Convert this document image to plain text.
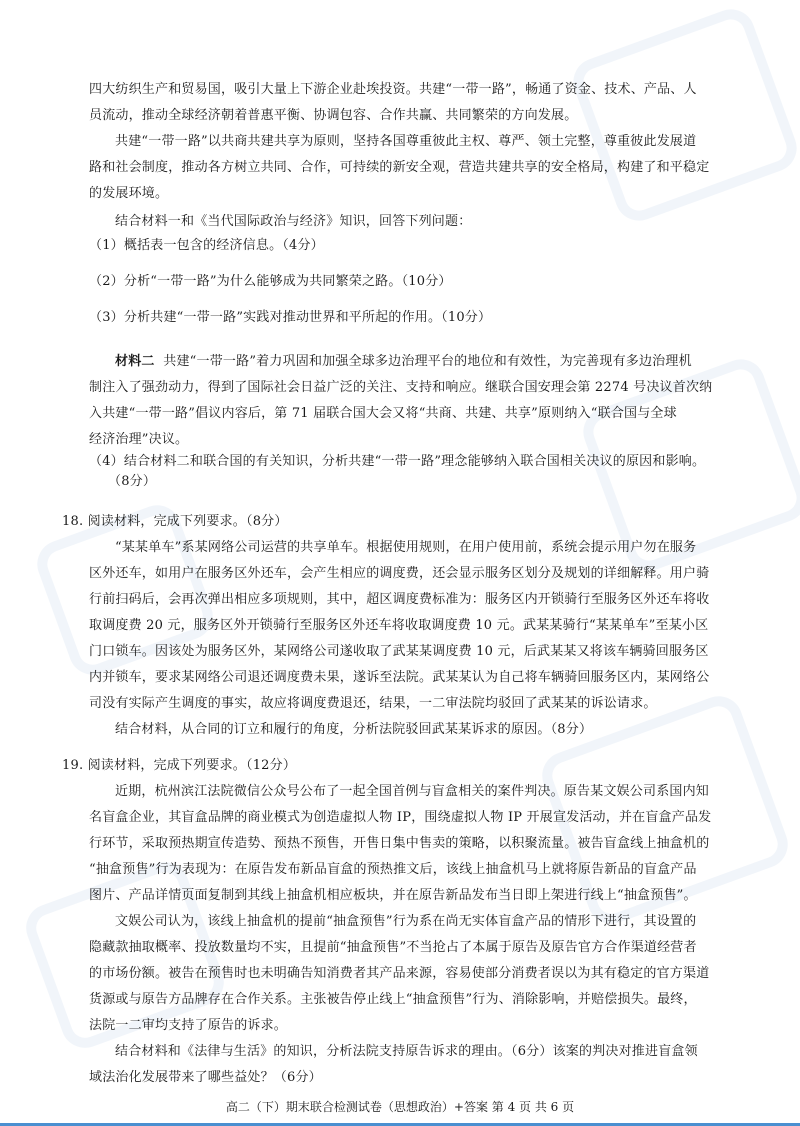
四大纺织生产和贸易国，吸引大量上下游企业赴埃投资。共建“一带一路”，畅通了资金、技术、产品、人
员流动，推动全球经济朝着普惠平衡、协调包容、合作共赢、共同繁荣的方向发展。
共建“一带一路”以共商共建共享为原则，坚持各国尊重彼此主权、尊严、领土完整，尊重彼此发展道
路和社会制度，推动各方树立共同、合作，可持续的新安全观，营造共建共享的安全格局，构建了和平稳定
的发展环境。
结合材料一和《当代国际政治与经济》知识，回答下列问题：
（1）概括表一包含的经济信息。（4分）
（2）分析“一带一路”为什么能够成为共同繁荣之路。（10分）
（3）分析共建“一带一路”实践对推动世界和平所起的作用。（10分）
材料二 共建“一带一路”着力巩固和加强全球多边治理平台的地位和有效性，为完善现有多边治理机
制注入了强劲动力，得到了国际社会日益广泛的关注、支持和响应。继联合国安理会第 2274 号决议首次纳
入共建“一带一路”倡议内容后，第 71 届联合国大会又将“共商、共建、共享”原则纳入“联合国与全球
经济治理”决议。
（4）结合材料二和联合国的有关知识，分析共建“一带一路”理念能够纳入联合国相关决议的原因和影响。
（8分）
18. 阅读材料，完成下列要求。（8分）
“某某单车”系某网络公司运营的共享单车。根据使用规则，在用户使用前，系统会提示用户勿在服务
区外还车，如用户在服务区外还车，会产生相应的调度费，还会显示服务区划分及规划的详细解释。用户骑
行前扫码后，会再次弹出相应多项规则，其中，超区调度费标准为：服务区内开锁骑行至服务区外还车将收
取调度费 20 元，服务区外开锁骑行至服务区外还车将收取调度费 10 元。武某某骑行“某某单车”至某小区
门口锁车。因该处为服务区外，某网络公司遂收取了武某某调度费 10 元，后武某某又将该车辆骑回服务区
内并锁车，要求某网络公司退还调度费未果，遂诉至法院。武某某认为自己将车辆骑回服务区内，某网络公
司没有实际产生调度的事实，故应将调度费退还，结果，一二审法院均驳回了武某某的诉讼请求。
结合材料，从合同的订立和履行的角度，分析法院驳回武某某诉求的原因。（8分）
19. 阅读材料，完成下列要求。（12分）
近期，杭州滨江法院微信公众号公布了一起全国首例与盲盒相关的案件判决。原告某文娱公司系国内知
名盲盒企业，其盲盒品牌的商业模式为创造虚拟人物 IP，围绕虚拟人物 IP 开展宣发活动，并在盲盒产品发
行环节，采取预热期宣传造势、预热不预售，开售日集中售卖的策略，以积聚流量。被告盲盒线上抽盒机的
“抽盒预售”行为表现为：在原告发布新品盲盒的预热推文后，该线上抽盒机马上就将原告新品的盲盒产品
图片、产品详情页面复制到其线上抽盒机相应板块，并在原告新品发布当日即上架进行线上“抽盒预售”。
文娱公司认为，该线上抽盒机的提前“抽盒预售”行为系在尚无实体盲盒产品的情形下进行，其设置的
隐藏款抽取概率、投放数量均不实，且提前“抽盒预售”不当抢占了本属于原告及原告官方合作渠道经营者
的市场份额。被告在预售时也未明确告知消费者其产品来源，容易使部分消费者误以为其有稳定的官方渠道
货源或与原告方品牌存在合作关系。主张被告停止线上“抽盒预售”行为、消除影响，并赔偿损失。最终，
法院一二审均支持了原告的诉求。
结合材料和《法律与生活》的知识，分析法院支持原告诉求的理由。（6分）该案的判决对推进盲盒领
域法治化发展带来了哪些益处？（6分）
高二（下）期末联合检测试卷（思想政治）+答案 第 4 页 共 6 页
